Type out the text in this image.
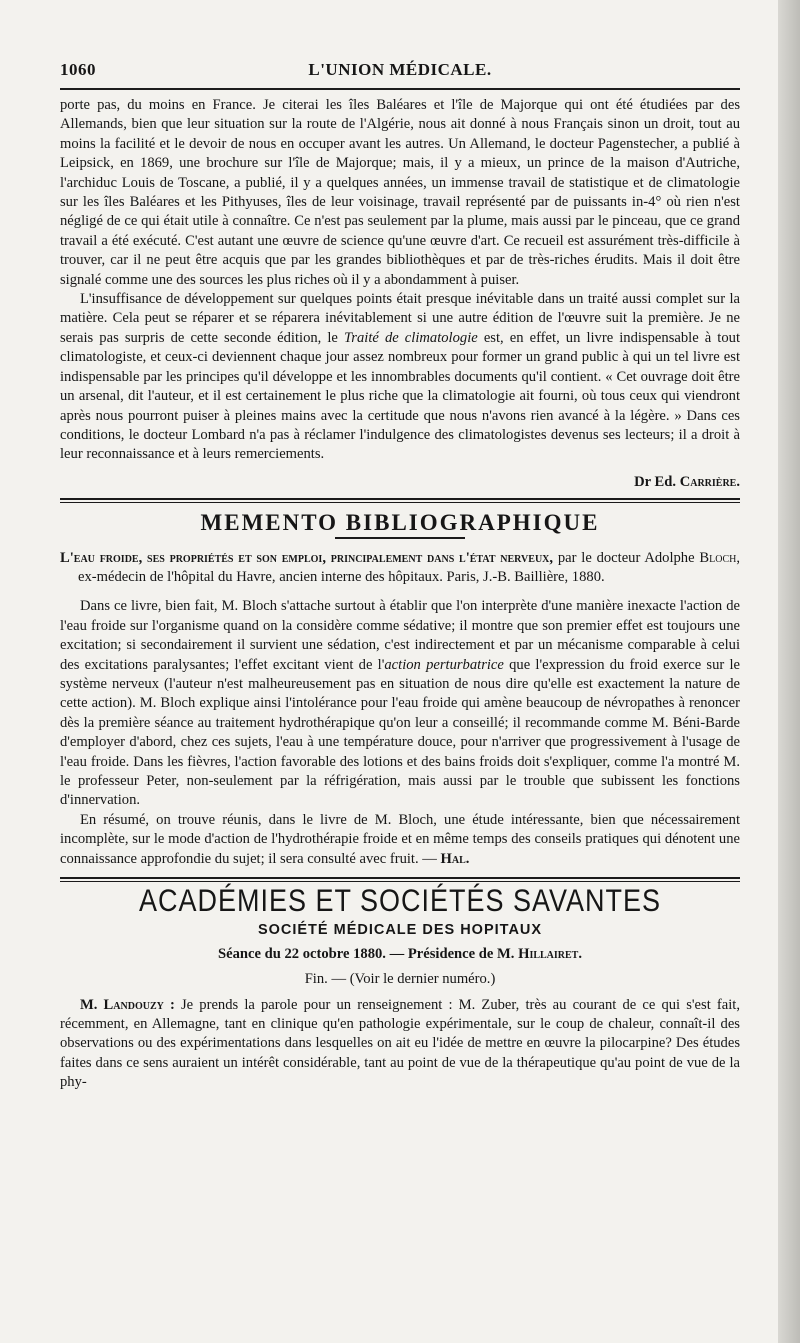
1060	L'UNION MÉDICALE.

porte pas, du moins en France. Je citerai les îles Baléares et l'île de Majorque qui ont été étudiées par des Allemands, bien que leur situation sur la route de l'Algérie, nous ait donné à nous Français sinon un droit, tout au moins la facilité et le devoir de nous en occuper avant les autres. Un Allemand, le docteur Pagenstecher, a publié à Leipsick, en 1869, une brochure sur l'île de Majorque; mais, il y a mieux, un prince de la maison d'Autriche, l'archiduc Louis de Toscane, a publié, il y a quelques années, un immense travail de statistique et de climatologie sur les îles Baléares et les Pithyuses, îles de leur voisinage, travail représenté par de puissants in-4° où rien n'est négligé de ce qui était utile à connaître. Ce n'est pas seulement par la plume, mais aussi par le pinceau, que ce grand travail a été exécuté. C'est autant une œuvre de science qu'une œuvre d'art. Ce recueil est assurément très-difficile à trouver, car il ne peut être acquis que par les grandes bibliothèques et par de très-riches érudits. Mais il doit être signalé comme une des sources les plus riches où il y a abondamment à puiser.

L'insuffisance de développement sur quelques points était presque inévitable dans un traité aussi complet sur la matière. Cela peut se réparer et se réparera inévitablement si une autre édition de l'œuvre suit la première. Je ne serais pas surpris de cette seconde édition, le Traité de climatologie est, en effet, un livre indispensable à tout climatologiste, et ceux-ci deviennent chaque jour assez nombreux pour former un grand public à qui un tel livre est indispensable par les principes qu'il développe et les innombrables documents qu'il contient. « Cet ouvrage doit être un arsenal, dit l'auteur, et il est certainement le plus riche que la climatologie ait fourni, où tous ceux qui viendront après nous pourront puiser à pleines mains avec la certitude que nous n'avons rien avancé à la légère. » Dans ces conditions, le docteur Lombard n'a pas à réclamer l'indulgence des climatologistes devenus ses lecteurs; il a droit à leur reconnaissance et à leurs remerciements.

Dr Ed. Carrière.
MEMENTO BIBLIOGRAPHIQUE

L'eau froide, ses propriétés et son emploi, principalement dans l'état nerveux, par le docteur Adolphe Bloch, ex-médecin de l'hôpital du Havre, ancien interne des hôpitaux. Paris, J.-B. Baillière, 1880.

Dans ce livre, bien fait, M. Bloch s'attache surtout à établir que l'on interprète d'une manière inexacte l'action de l'eau froide sur l'organisme quand on la considère comme sédative; il montre que son premier effet est toujours une excitation; si secondairement il survient une sédation, c'est indirectement et par un mécanisme comparable à celui des excitations paralysantes; l'effet excitant vient de l'action perturbatrice que l'expression du froid exerce sur le système nerveux (l'auteur n'est malheureusement pas en situation de nous dire qu'elle est exactement la nature de cette action). M. Bloch explique ainsi l'intolérance pour l'eau froide qui amène beaucoup de névropathes à renoncer dès la première séance au traitement hydrothérapique qu'on leur a conseillé; il recommande comme M. Béni-Barde d'employer d'abord, chez ces sujets, l'eau à une température douce, pour n'arriver que progressivement à l'usage de l'eau froide. Dans les fièvres, l'action favorable des lotions et des bains froids doit s'expliquer, comme l'a montré M. le professeur Peter, non-seulement par la réfrigération, mais aussi par le trouble que subissent les fonctions d'innervation.

En résumé, on trouve réunis, dans le livre de M. Bloch, une étude intéressante, bien que nécessairement incomplète, sur le mode d'action de l'hydrothérapie froide et en même temps des conseils pratiques qui dénotent une connaissance approfondie du sujet; il sera consulté avec fruit. — Hal.

ACADÉMIES ET SOCIÉTÉS SAVANTES
SOCIÉTÉ MÉDICALE DES HOPITAUX
Séance du 22 octobre 1880. — Présidence de M. Hillairet.
Fin. — (Voir le dernier numéro.)

M. Landouzy : Je prends la parole pour un renseignement : M. Zuber, très au courant de ce qui s'est fait, récemment, en Allemagne, tant en clinique qu'en pathologie expérimentale, sur le coup de chaleur, connaît-il des observations ou des expérimentations dans lesquelles on ait eu l'idée de mettre en œuvre la pilocarpine? Des études faites dans ce sens auraient un intérêt considérable, tant au point de vue de la thérapeutique qu'au point de vue de la phy-
